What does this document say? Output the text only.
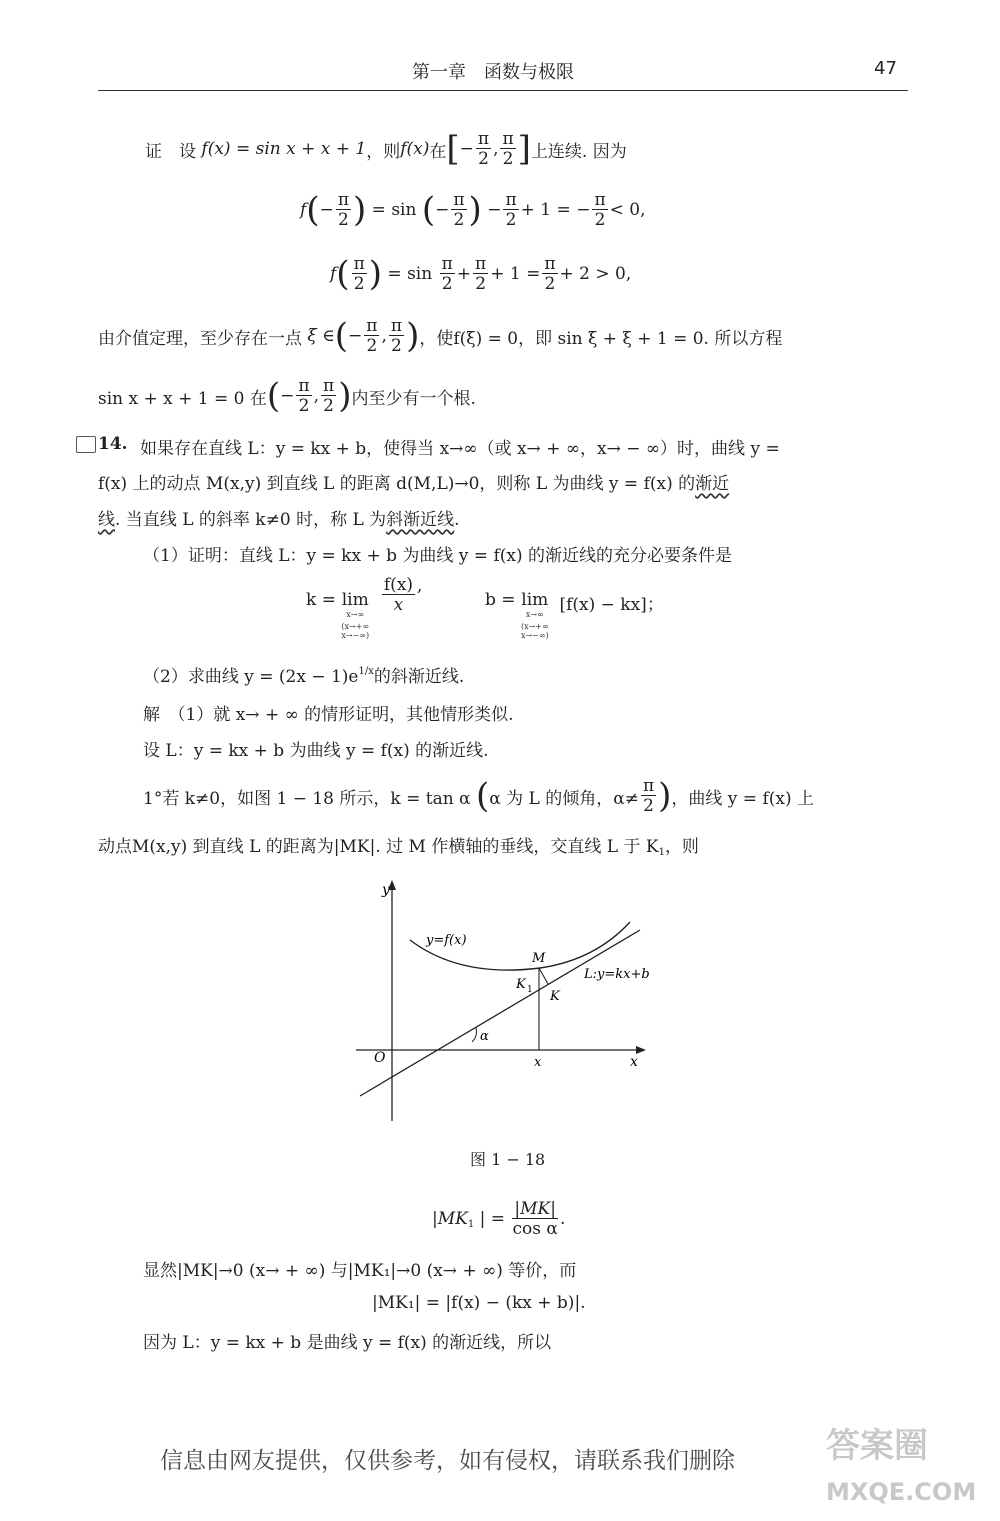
第一章　函数与极限	47
证　设
f(x) = sin x + x + 1 ，则 f(x) 在 [ − $\frac{\pi}{2}$ , $\frac{\pi}{2}$ ] 上连续. 因为
f ( − $\frac{\pi}{2}$ )
= sin
( − $\frac{\pi}{2}$ )
− $\frac{\pi}{2} + 1$ =
− $\frac{\pi}{2} < 0$,
f ( $\frac{\pi}{2}$ )
= sin
$\frac{\pi}{2} + \frac{\pi}{2} + 1 = \frac{\pi}{2} + 2 > 0$,
由介值定理，至少存在一点
ξ ∈ ( − $\frac{\pi}{2}$ , $\frac{\pi}{2}$ ) ，使 f(ξ) = 0，即 sin ξ + ξ + 1 = 0. 所以方程
sin x + x + 1 = 0 在 ( − $\frac{\pi}{2}$ , $\frac{\pi}{2}$ ) 内至少有一个根.
14. 如果存在直线 L：y = kx + b，使得当 x→∞（或 x→ + ∞，x→ − ∞）时，曲线 y =
f(x) 上的动点 M(x,y) 到直线 L 的距离 d(M,L)→0，则称 L 为曲线 y = f(x) 的渐近
线. 当直线 L 的斜率 k≠0 时，称 L 为斜渐近线.
（1）证明：直线 L：y = kx + b 为曲线 y = f(x) 的渐近线的充分必要条件是
k =
lim
x→∞
(x→+∞
x→−∞)

$\frac{f(x)}{x}$ ,
b =
lim
x→∞
(x→+∞
x→−∞)

[f(x) − kx]；
（2）求曲线 $y = (2x - 1)e^{1/x}$的斜渐近线.
解　（1）就 x→ + ∞ 的情形证明，其他情形类似.
设 L：y = kx + b 为曲线 y = f(x) 的渐近线.
1°若 k≠0，如图 1 − 18 所示，k = tan α
( α 为 L 的倾角，$\alpha\ne \frac{\pi}{2}$ ) ，曲线 y = f(x) 上
动点M(x,y) 到直线 L 的距离为|MK|. 过 M 作横轴的垂线，交直线 L 于 $K_1$，则
y
x
O	x
y=f(x)
L:y=kx+b
M
K 1 K
α
图 1 − 18
$|MK_1$ | =
$\frac{|MK|}{\text{cos α}}$ .
显然|MK|→0 (x→ + ∞) 与|MK₁|→0 (x→ + ∞) 等价，而
|MK₁| = |f(x) − (kx + b)|.
因为 L：y = kx + b 是曲线 y = f(x) 的渐近线，所以
信息由网友提供，仅供参考，如有侵权，请联系我们删除	答案圈
MXQE.COM
